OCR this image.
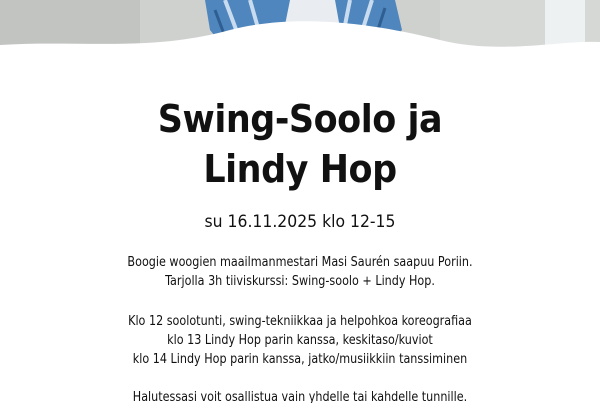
Swing-Soolo ja
Lindy Hop
su 16.11.2025 klo 12-15
Boogie woogien maailmanmestari Masi Saurén saapuu Poriin.
Tarjolla 3h tiiviskurssi: Swing-soolo + Lindy Hop.
Klo 12 soolotunti, swing-tekniikkaa ja helpohkoa koreografiaa
klo 13 Lindy Hop parin kanssa, keskitaso/kuviot
klo 14 Lindy Hop parin kanssa, jatko/musiikkiin tanssiminen
Halutessasi voit osallistua vain yhdelle tai kahdelle tunnille.
